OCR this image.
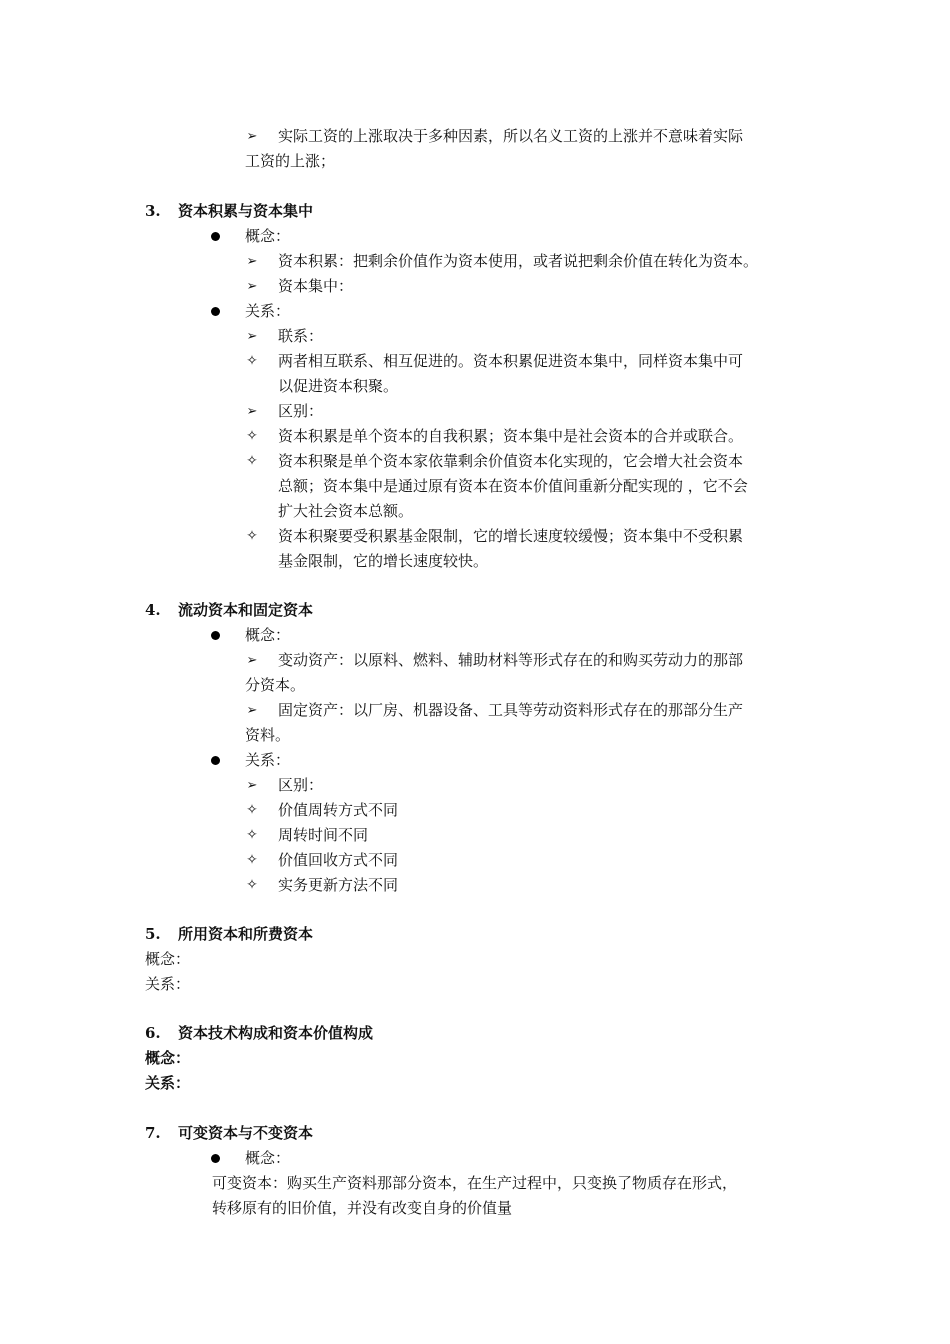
➢	实际工资的上涨取决于多种因素，所以名义工资的上涨并不意味着实际
工资的上涨；
3. 资本积累与资本集中
概念：
➢	资本积累：把剩余价值作为资本使用，或者说把剩余价值在转化为资本。
➢	资本集中：
关系：
➢	联系：
✧ 两者相互联系、相互促进的。资本积累促进资本集中，同样资本集中可
以促进资本积聚。
➢	区别：
✧ 资本积累是单个资本的自我积累；资本集中是社会资本的合并或联合。
✧ 资本积聚是单个资本家依靠剩余价值资本化实现的，它会增大社会资本
总额；资本集中是通过原有资本在资本价值间重新分配实现的 ，它不会
扩大社会资本总额。
✧ 资本积聚要受积累基金限制，它的增长速度较缓慢；资本集中不受积累
基金限制，它的增长速度较快。
4. 流动资本和固定资本
概念：
➢	变动资产：以原料、燃料、辅助材料等形式存在的和购买劳动力的那部
分资本。
➢	固定资产：以厂房、机器设备、工具等劳动资料形式存在的那部分生产
资料。
关系：
➢	区别：
✧ 价值周转方式不同
✧ 周转时间不同
✧ 价值回收方式不同
✧ 实务更新方法不同
5. 所用资本和所费资本
概念：
关系：
6. 资本技术构成和资本价值构成
概念：
关系：
7. 可变资本与不变资本
概念：
可变资本：购买生产资料那部分资本，在生产过程中，只变换了物质存在形式，
转移原有的旧价值，并没有改变自身的价值量
